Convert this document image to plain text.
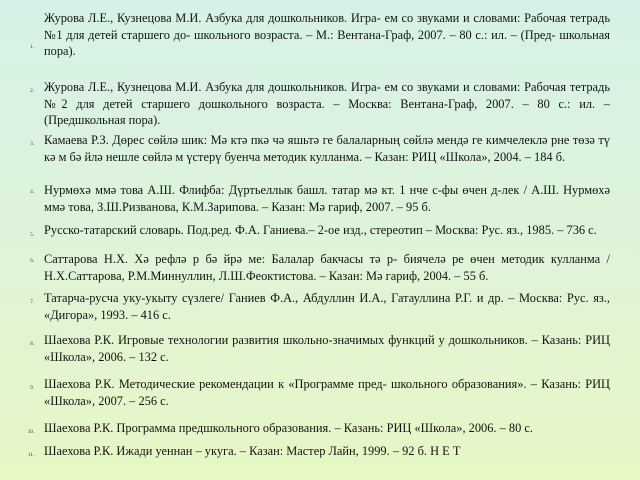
1.
Журова Л.Е., Кузнецова М.И. Азбука для дошкольников. Игра- ем со звуками и словами: Рабочая тетрадь №1 для детей старшего до- школьного возраста. – М.: Вентана-Граф, 2007. – 80 с.: ил. – (Пред- школьная пора).
2. Журова Л.Е., Кузнецова М.И. Азбука для дошкольников. Игра- ем со звуками и словами: Рабочая тетрадь №2 для детей старшего дошкольного возраста. – Москва: Вентана-Граф, 2007. – 80 с.: ил. – (Предшкольная пора).
3. Камаева Р.З. Дөрес сөйлә шик: Мә ктә пкә чә яшьтә ге балаларның сөйлә мендә ге кимчелеклә рне төзә тү кә м бә йлә нешле сөйлә м үстерү буенча методик кулланма. – Казан: РИЦ «Школа», 2004. – 184 б.
4. Нурмөхә ммә това А.Ш. Флифба: Дүртьеллык башл. татар мә кт. 1 нче с-фы өчен д-лек / А.Ш. Нурмөхә ммә това, З.Ш.Ризванова, К.М.Зарипова. – Казан: Мә гариф, 2007. – 95 б.
5. Русско-татарский словарь. Под.ред. Ф.А. Ганиева.– 2-ое изд., стереотип – Москва: Рус. яз., 1985. – 736 с.
6. Саттарова Н.Х. Хә рефлә р бә йрә ме: Балалар бакчасы тә р- биячелә ре өчен методик кулланма / Н.Х.Саттарова, Р.М.Миннуллин, Л.Ш.Феоктистова. – Казан: Мә гариф, 2004. – 55 б.
7. Татарча-русча уку-укыту сүзлеге/ Ганиев Ф.А., Абдуллин И.А., Гатауллина Р.Г. и др. – Москва: Рус. яз., «Дигора», 1993. – 416 с.
8. Шаехова Р.К. Игровые технологии развития школьно-значимых функций у дошкольников. – Казань: РИЦ «Школа», 2006. – 132 с.
9. Шаехова Р.К. Методические рекомендации к «Программе пред- школьного образования». – Казань: РИЦ «Школа», 2007. – 256 с.
10. Шаехова Р.К. Программа предшкольного образования. – Казань: РИЦ «Школа», 2006. – 80 с.
11. Шаехова Р.К. Ижади уеннан – укуга. – Казан: Мастер Лайн, 1999. – 92 б. Н Е Т
